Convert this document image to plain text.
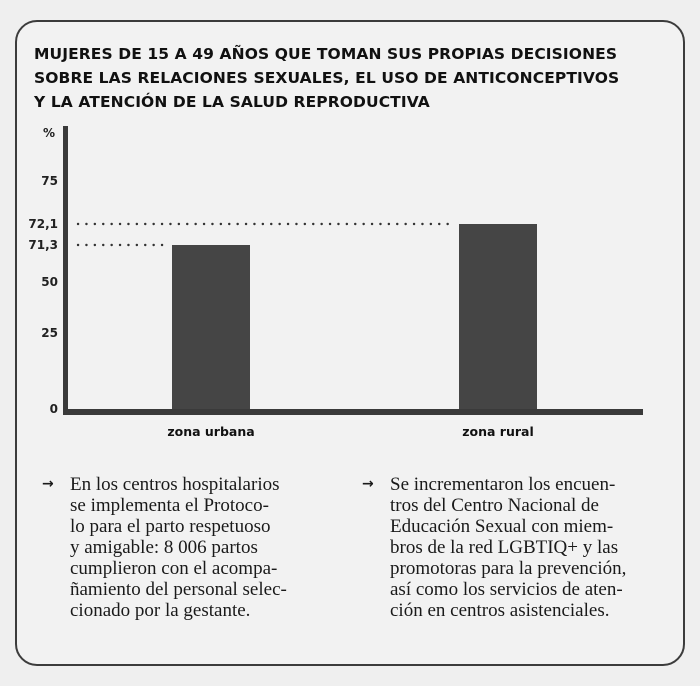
MUJERES DE 15 A 49 AÑOS QUE TOMAN SUS PROPIAS DECISIONES
SOBRE LAS RELACIONES SEXUALES, EL USO DE ANTICONCEPTIVOS
Y LA ATENCIÓN DE LA SALUD REPRODUCTIVA
%
0
25
50
71,3
72,1
75
zona urbana	zona rural
→ En los centros hospitalarios
se implementa el Protoco-
lo para el parto respetuoso
y amigable: 8 006 partos
cumplieron con el acompa-
ñamiento del personal selec-
cionado por la gestante.
→ Se incrementaron los encuen-
tros del Centro Nacional de
Educación Sexual con miem-
bros de la red LGBTIQ+ y las
promotoras para la prevención,
así como los servicios de aten-
ción en centros asistenciales.
